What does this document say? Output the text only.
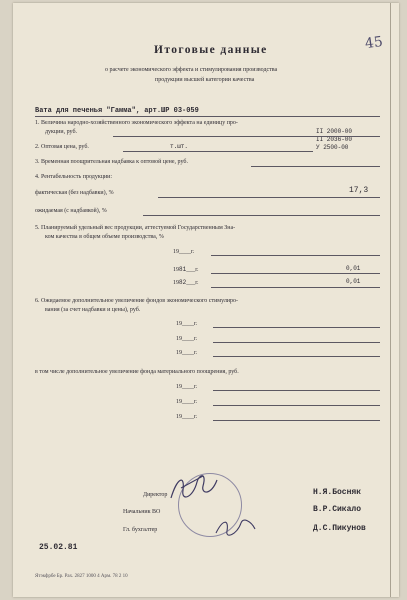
45
Итоговые данные
о расчете экономического эффекта и стимулирования производства
продукции высшей категории качества
Вата для печенья "Гамма", арт.ШР 03-059
1. Величина народно-хозяйственного экономического эффекта на единицу про-
дукции, руб.	II 2000-00
II 2036-00
У 2500-00
2. Оптовая цена, руб.	т.шт.
3. Временная поощрительная надбавка к оптовой цене, руб.
4. Рентабельность продукции:
фактическая (без надбавки), %	17,3
ожидаемая (с надбавкой), %
5. Планируемый удельный вес продукции, аттестуемой Государственным Зна-
ком качества в общем объеме производства, %
19____г.
1981___г.	0,01
1982___г.	0,01
6. Ожидаемое дополнительное увеличение фондов экономического стимулиро-
вания (за счет надбавки и цены), руб.
19____г.
19____г.
19____г.
в том числе дополнительное увеличение фонда материального поощрения, руб.
19____г.
19____г.
19____г.
Директор	Н.Я.Босняк
Начальник ВО	В.Р.Сикало
Гл. бухгалтер	Д.С.Пикунов
25.02.81
Ятэкфрбе Бр. Рах. 2827 1000 4 Арм. 78 2 10
